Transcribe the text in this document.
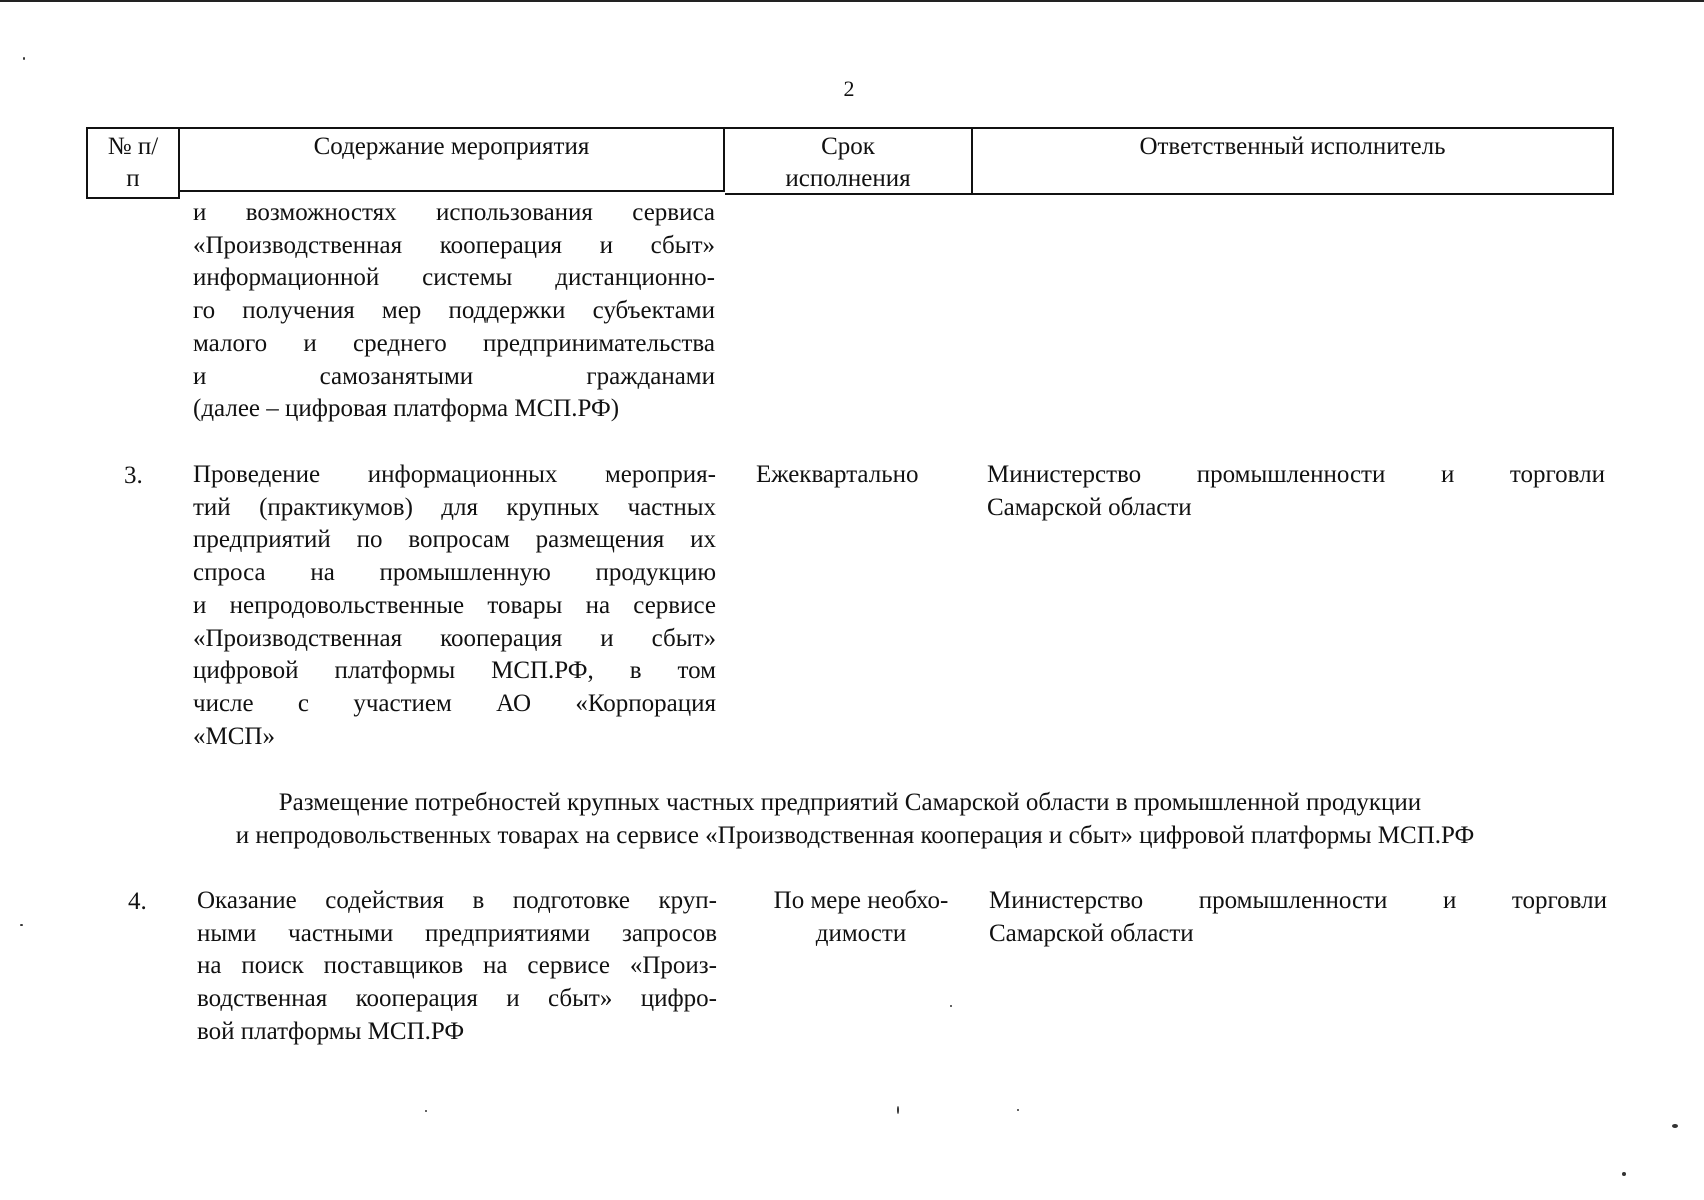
2
№ п/п
Содержание мероприятия	Срок исполнения
Ответственный исполнитель
и возможностях использования сервиса
«Производственная кооперация и сбыт»
информационной системы дистанционно-
го получения мер поддержки субъектами
малого и среднего предпринимательства
и самозанятыми гражданами
(далее – цифровая платформа МСП.РФ)
3. Проведение информационных мероприя-
тий (практикумов) для крупных частных
предприятий по вопросам размещения их
спроса на промышленную продукцию
и непродовольственные товары на сервисе
«Производственная кооперация и сбыт»
цифровой платформы МСП.РФ, в том
числе с участием АО «Корпорация
«МСП»
Ежеквартально	Министерство промышленности и торговли
Самарской области
Размещение потребностей крупных частных предприятий Самарской области в промышленной продукции
и непродовольственных товарах на сервисе «Производственная кооперация и сбыт» цифровой платформы МСП.РФ
4. Оказание содействия в подготовке круп-
ными частными предприятиями запросов
на поиск поставщиков на сервисе «Произ-
водственная кооперация и сбыт» цифро-
вой платформы МСП.РФ
По мере необхо-
димости
Министерство промышленности и торговли
Самарской области
